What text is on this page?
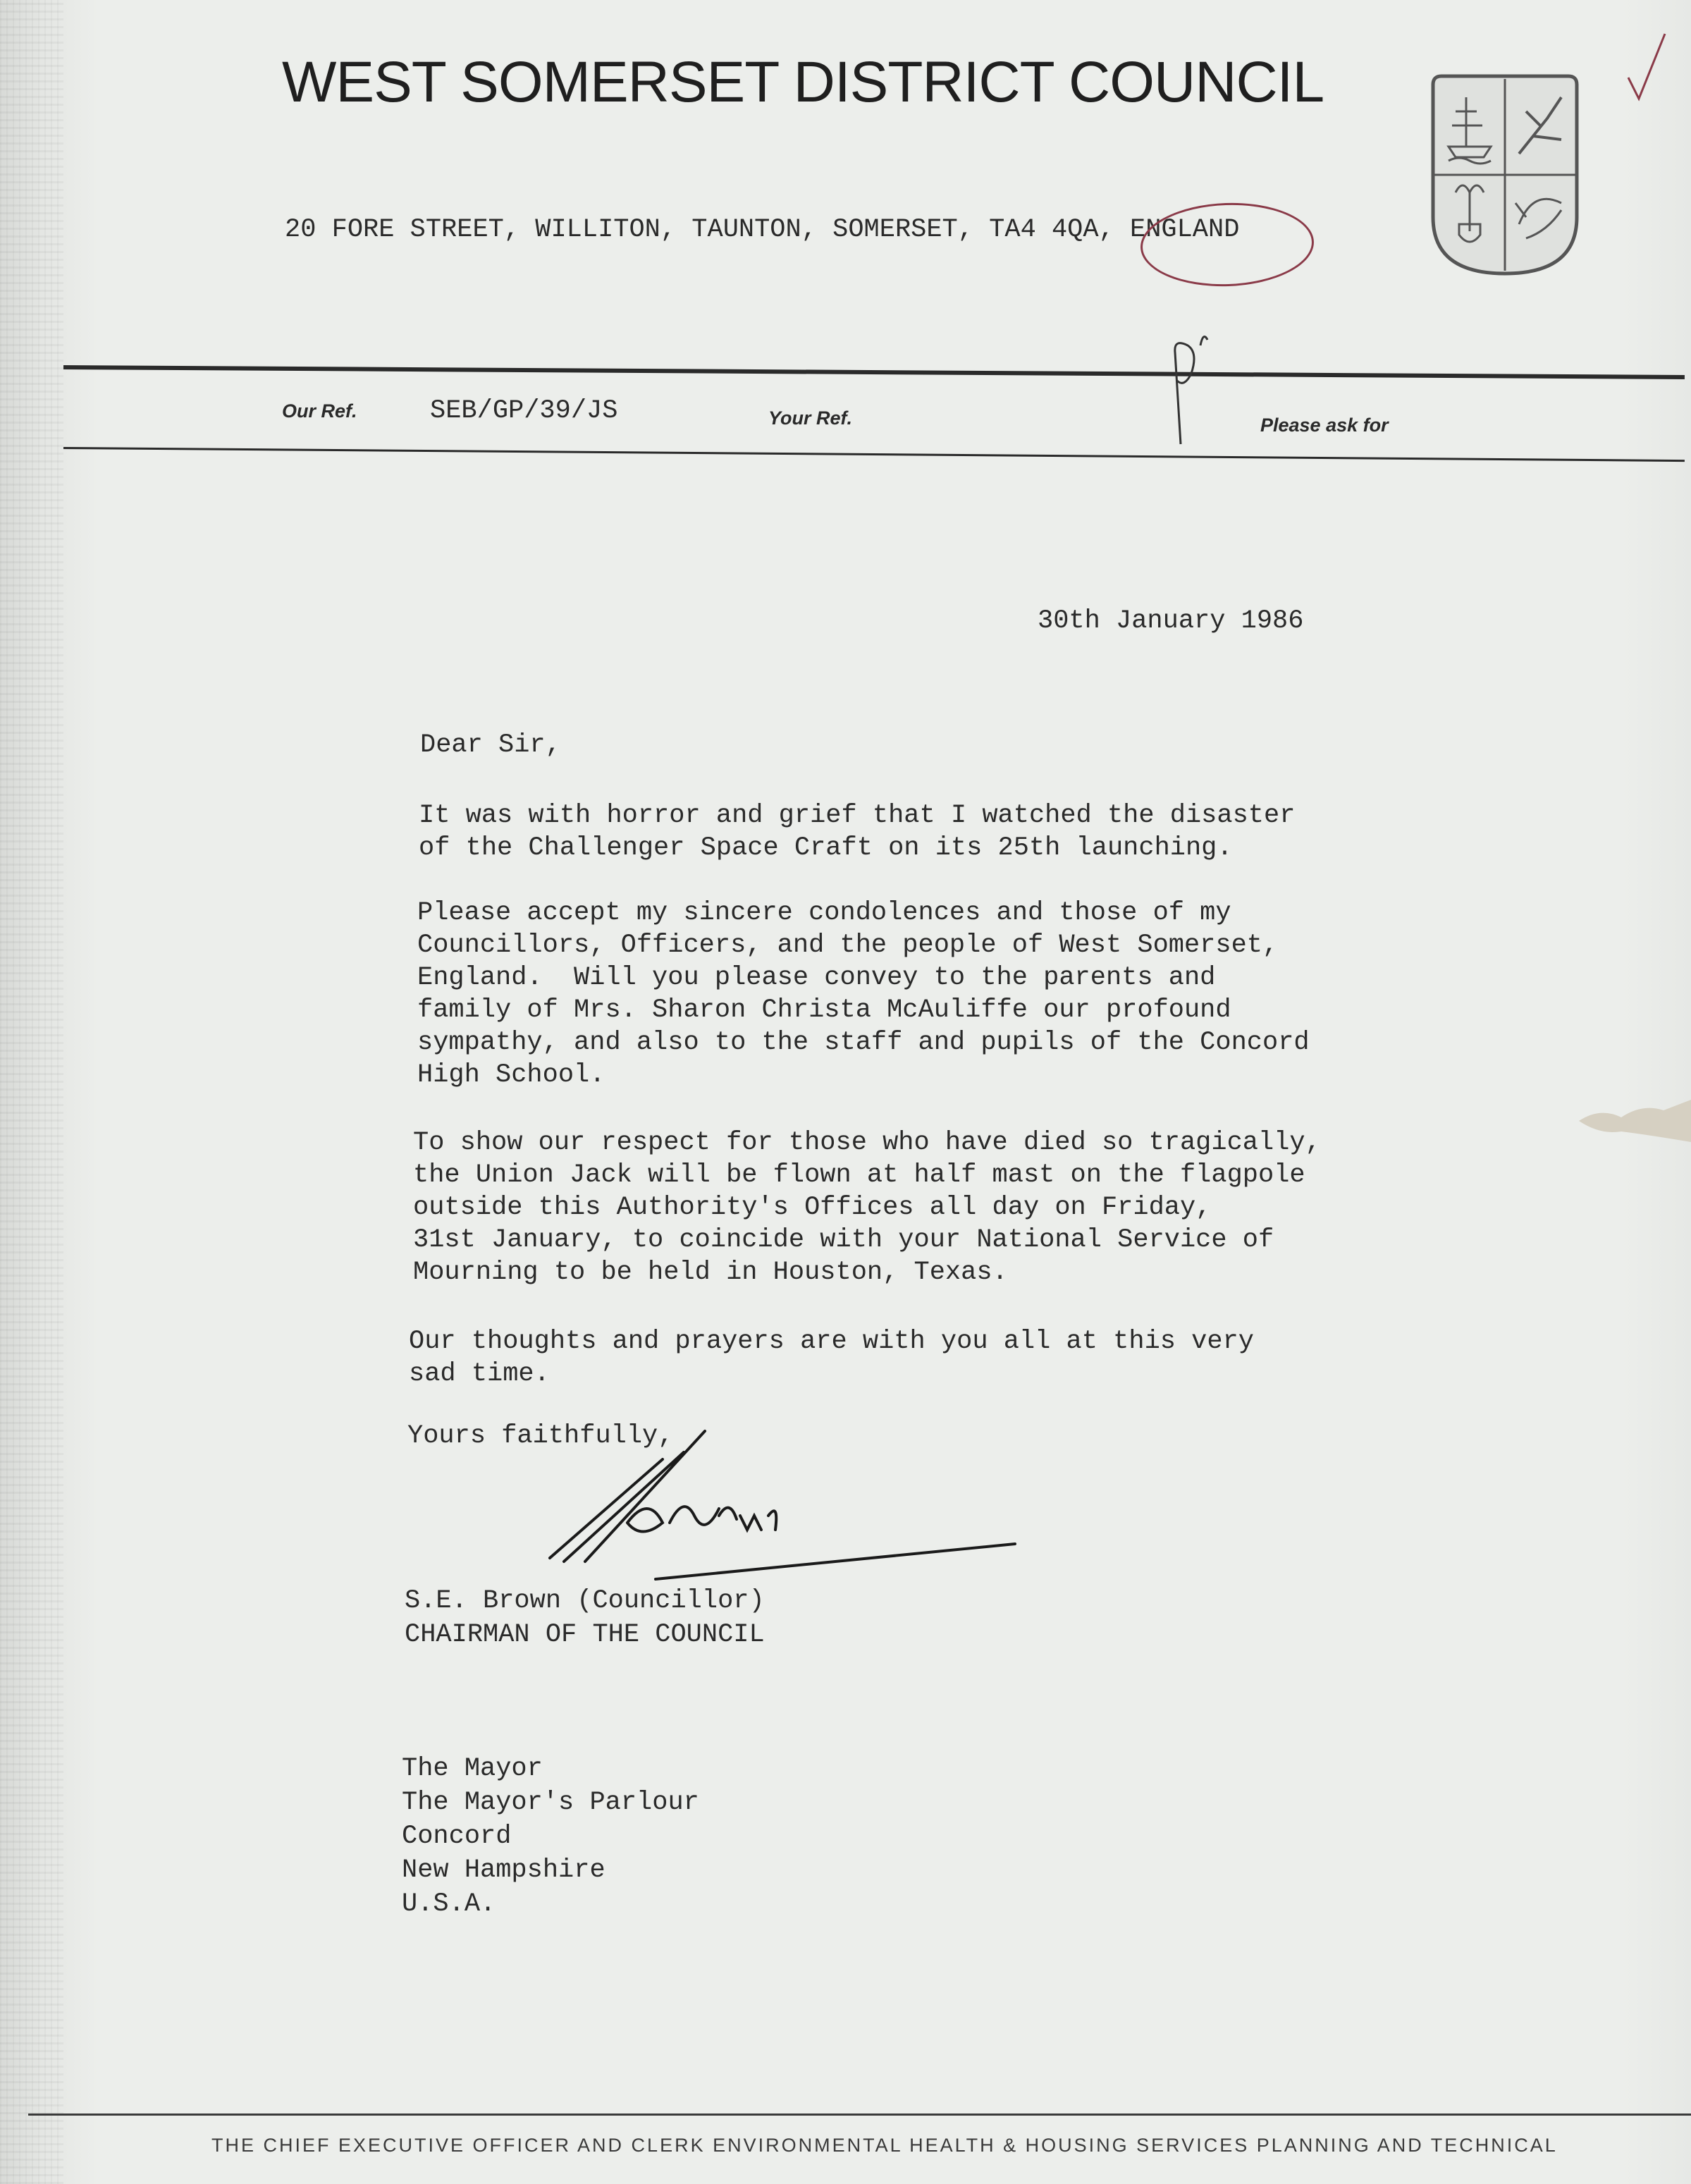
WEST SOMERSET DISTRICT COUNCIL
20 FORE STREET, WILLITON, TAUNTON, SOMERSET, TA4 4QA, ENGLAND
Our Ref.	SEB/GP/39/JS	Your Ref.	Please ask for
30th January 1986
Dear Sir,
It was with horror and grief that I watched the disaster
of the Challenger Space Craft on its 25th launching.
Please accept my sincere condolences and those of my
Councillors, Officers, and the people of West Somerset,
England.  Will you please convey to the parents and
family of Mrs. Sharon Christa McAuliffe our profound
sympathy, and also to the staff and pupils of the Concord
High School.
To show our respect for those who have died so tragically,
the Union Jack will be flown at half mast on the flagpole
outside this Authority's Offices all day on Friday,
31st January, to coincide with your National Service of
Mourning to be held in Houston, Texas.
Our thoughts and prayers are with you all at this very
sad time.
Yours faithfully,
S.E. Brown (Councillor)
CHAIRMAN OF THE COUNCIL
The Mayor
The Mayor's Parlour
Concord
New Hampshire
U.S.A.
THE CHIEF EXECUTIVE OFFICER AND CLERK ENVIRONMENTAL HEALTH & HOUSING SERVICES PLANNING AND TECHNICAL
